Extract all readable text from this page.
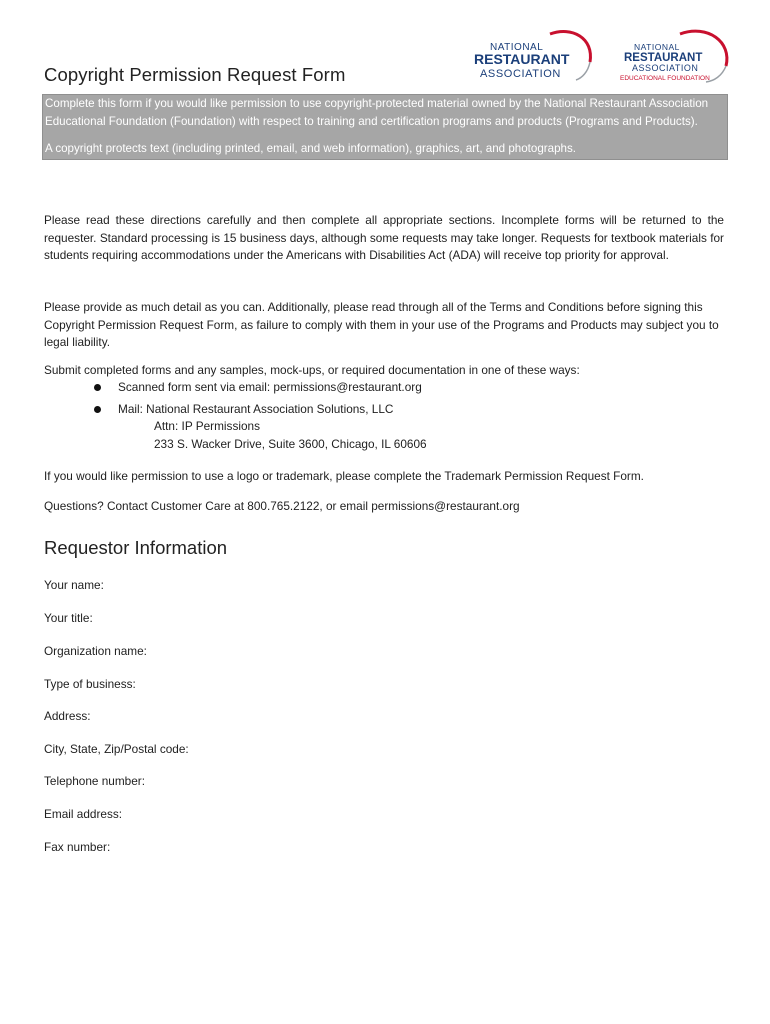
NATIONAL
RESTAURANT
ASSOCIATION
NATIONAL
RESTAURANT
ASSOCIATION
EDUCATIONAL FOUNDATION
Copyright Permission Request Form

Complete this form if you would like permission to use copyright-protected material owned by the National Restaurant Association Educational Foundation (Foundation) with respect to training and certification programs and products (Programs and Products).

A copyright protects text (including printed, email, and web information), graphics, art, and photographs.

Please read these directions carefully and then complete all appropriate sections. Incomplete forms will be returned to the requester. Standard processing is 15 business days, although some requests may take longer. Requests for textbook materials for students requiring accommodations under the Americans with Disabilities Act (ADA) will receive top priority for approval.

Please provide as much detail as you can. Additionally, please read through all of the Terms and Conditions before signing this Copyright Permission Request Form, as failure to comply with them in your use of the Programs and Products may subject you to legal liability.

Submit completed forms and any samples, mock-ups, or required documentation in one of these ways:

Scanned form sent via email: permissions@restaurant.org
Mail: National Restaurant Association Solutions, LLC
Attn: IP Permissions
233 S. Wacker Drive, Suite 3600, Chicago, IL 60606

If you would like permission to use a logo or trademark, please complete the Trademark Permission Request Form.

Questions? Contact Customer Care at 800.765.2122, or email permissions@restaurant.org

Requestor Information
Your name:
Your title:
Organization name:
Type of business:
Address:
City, State, Zip/Postal code:
Telephone number:
Email address:
Fax number:
